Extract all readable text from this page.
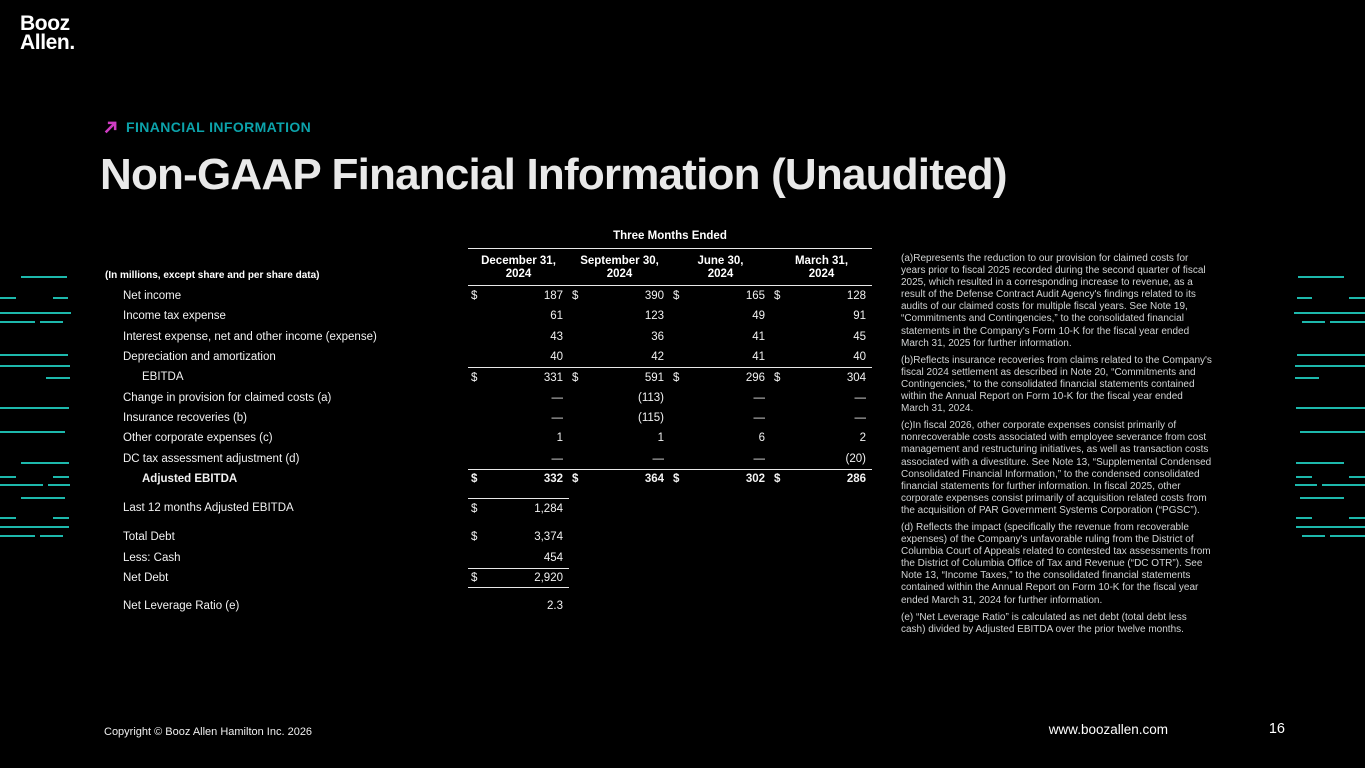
Booz
Allen.
FINANCIAL INFORMATION
Non-GAAP Financial Information (Unaudited)
Three Months Ended
(In millions, except share and per share data)
December 31,
2024
September 30,
2024
June 30,
2024
March 31,
2024
Net income	$	187 $	390 $	165 $	128
Income tax expense	61	123	49	91
Interest expense, net and other income (expense)	43	36	41	45
Depreciation and amortization	40	42	41	40
EBITDA	$	331 $	591 $	296 $	304
Change in provision for claimed costs (a)	—	(113)	—	—
Insurance recoveries (b)	—	(115)	—	—
Other corporate expenses (c)	1	1	6	2
DC tax assessment adjustment (d)	—	—	—	(20)
Adjusted EBITDA	$	332 $	364 $	302 $	286
Last 12 months Adjusted EBITDA	$	1,284
Total Debt	$	3,374
Less: Cash	454
Net Debt	$	2,920
Net Leverage Ratio (e)	2.3

(a)Represents the reduction to our provision for claimed costs for years prior to fiscal 2025 recorded during the second quarter of fiscal 2025, which resulted in a corresponding increase to revenue, as a result of the Defense Contract Audit Agency's findings related to its audits of our claimed costs for multiple fiscal years. See Note 19, “Commitments and Contingencies,” to the consolidated financial statements in the Company's Form 10-K for the fiscal year ended March 31, 2025 for further information.

(b)Reflects insurance recoveries from claims related to the Company's fiscal 2024 settlement as described in Note 20, “Commitments and Contingencies,” to the consolidated financial statements contained within the Annual Report on Form 10-K for the fiscal year ended March 31, 2024.

(c)In fiscal 2026, other corporate expenses consist primarily of nonrecoverable costs associated with employee severance from cost management and restructuring initiatives, as well as transaction costs associated with a divestiture. See Note 13, “Supplemental Condensed Consolidated Financial Information,” to the condensed consolidated financial statements for further information. In fiscal 2025, other corporate expenses consist primarily of acquisition related costs from the acquisition of PAR Government Systems Corporation (“PGSC”).

(d) Reflects the impact (specifically the revenue from recoverable expenses) of the Company's unfavorable ruling from the District of Columbia Court of Appeals related to contested tax assessments from the District of Columbia Office of Tax and Revenue (“DC OTR”). See Note 13, “Income Taxes,” to the consolidated financial statements contained within the Annual Report on Form 10-K for the fiscal year ended March 31, 2024 for further information.

(e) “Net Leverage Ratio” is calculated as net debt (total debt less cash) divided by Adjusted EBITDA over the prior twelve months.

Copyright © Booz Allen Hamilton Inc. 2026	www.boozallen.com	16
